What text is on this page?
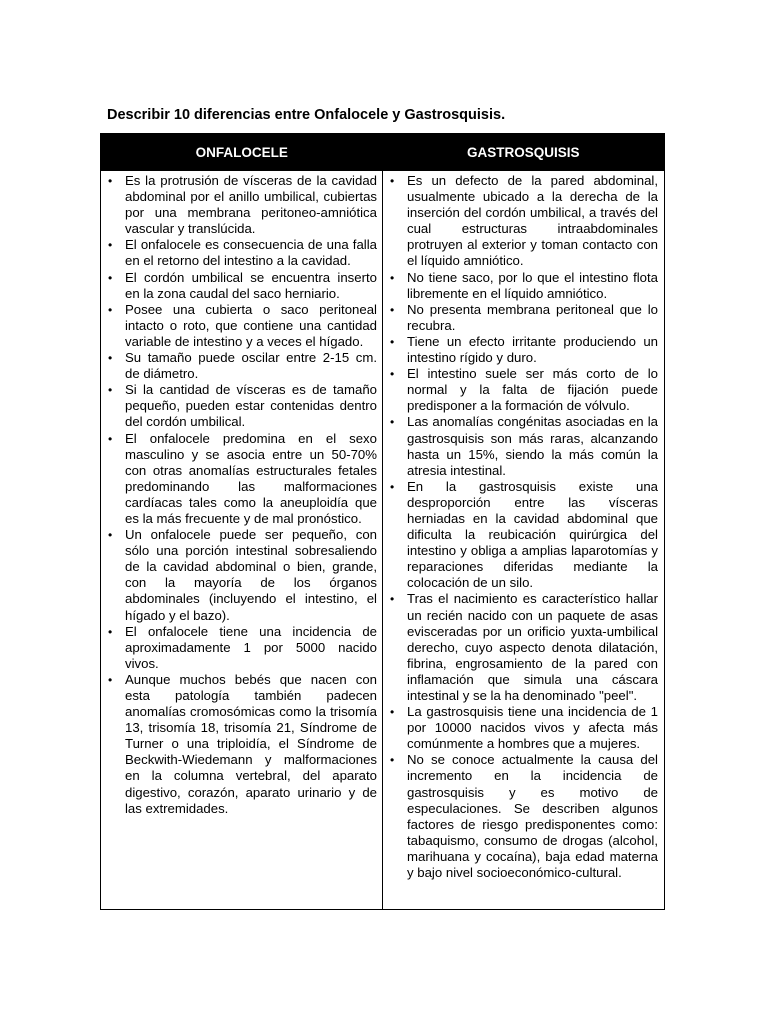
Describir 10 diferencias entre Onfalocele y Gastrosquisis.
ONFALOCELE	GASTROSQUISIS
• Es la protrusión de vísceras de la cavidad abdominal por el anillo umbilical, cubiertas por una membrana peritoneo-amniótica vascular y translúcida.
• El onfalocele es consecuencia de una falla en el retorno del intestino a la cavidad.
• El cordón umbilical se encuentra inserto en la zona caudal del saco herniario.
• Posee una cubierta o saco peritoneal intacto o roto, que contiene una cantidad variable de intestino y a veces el hígado.
• Su tamaño puede oscilar entre 2-15 cm. de diámetro.
• Si la cantidad de vísceras es de tamaño pequeño, pueden estar contenidas dentro del cordón umbilical.
• El onfalocele predomina en el sexo masculino y se asocia entre un 50-70% con otras anomalías estructurales fetales predominando las malformaciones cardíacas tales como la aneuploidía que es la más frecuente y de mal pronóstico.
• Un onfalocele puede ser pequeño, con sólo una porción intestinal sobresaliendo de la cavidad abdominal o bien, grande, con la mayoría de los órganos abdominales (incluyendo el intestino, el hígado y el bazo).
• El onfalocele tiene una incidencia de aproximadamente 1 por 5000 nacido vivos.
• Aunque muchos bebés que nacen con esta patología también padecen anomalías cromosómicas como la trisomía 13, trisomía 18, trisomía 21, Síndrome de Turner o una triploidía, el Síndrome de Beckwith-Wiedemann y malformaciones en la columna vertebral, del aparato digestivo, corazón, aparato urinario y de las extremidades.
• Es un defecto de la pared abdominal, usualmente ubicado a la derecha de la inserción del cordón umbilical, a través del cual estructuras intraabdominales protruyen al exterior y toman contacto con el líquido amniótico.
• No tiene saco, por lo que el intestino flota libremente en el líquido amniótico.
• No presenta membrana peritoneal que lo recubra.
• Tiene un efecto irritante produciendo un intestino rígido y duro.
• El intestino suele ser más corto de lo normal y la falta de fijación puede predisponer a la formación de vólvulo.
• Las anomalías congénitas asociadas en la gastrosquisis son más raras, alcanzando hasta un 15%, siendo la más común la atresia intestinal.
• En la gastrosquisis existe una desproporción entre las vísceras herniadas en la cavidad abdominal que dificulta la reubicación quirúrgica del intestino y obliga a amplias laparotomías y reparaciones diferidas mediante la colocación de un silo.
• Tras el nacimiento es característico hallar un recién nacido con un paquete de asas evisceradas por un orificio yuxta-umbilical derecho, cuyo aspecto denota dilatación, fibrina, engrosamiento de la pared con inflamación que simula una cáscara intestinal y se la ha denominado "peel".
• La gastrosquisis tiene una incidencia de 1 por 10000 nacidos vivos y afecta más comúnmente a hombres que a mujeres.
• No se conoce actualmente la causa del incremento en la incidencia de gastrosquisis y es motivo de especulaciones. Se describen algunos factores de riesgo predisponentes como: tabaquismo, consumo de drogas (alcohol, marihuana y cocaína), baja edad materna y bajo nivel socioeconómico-cultural.
